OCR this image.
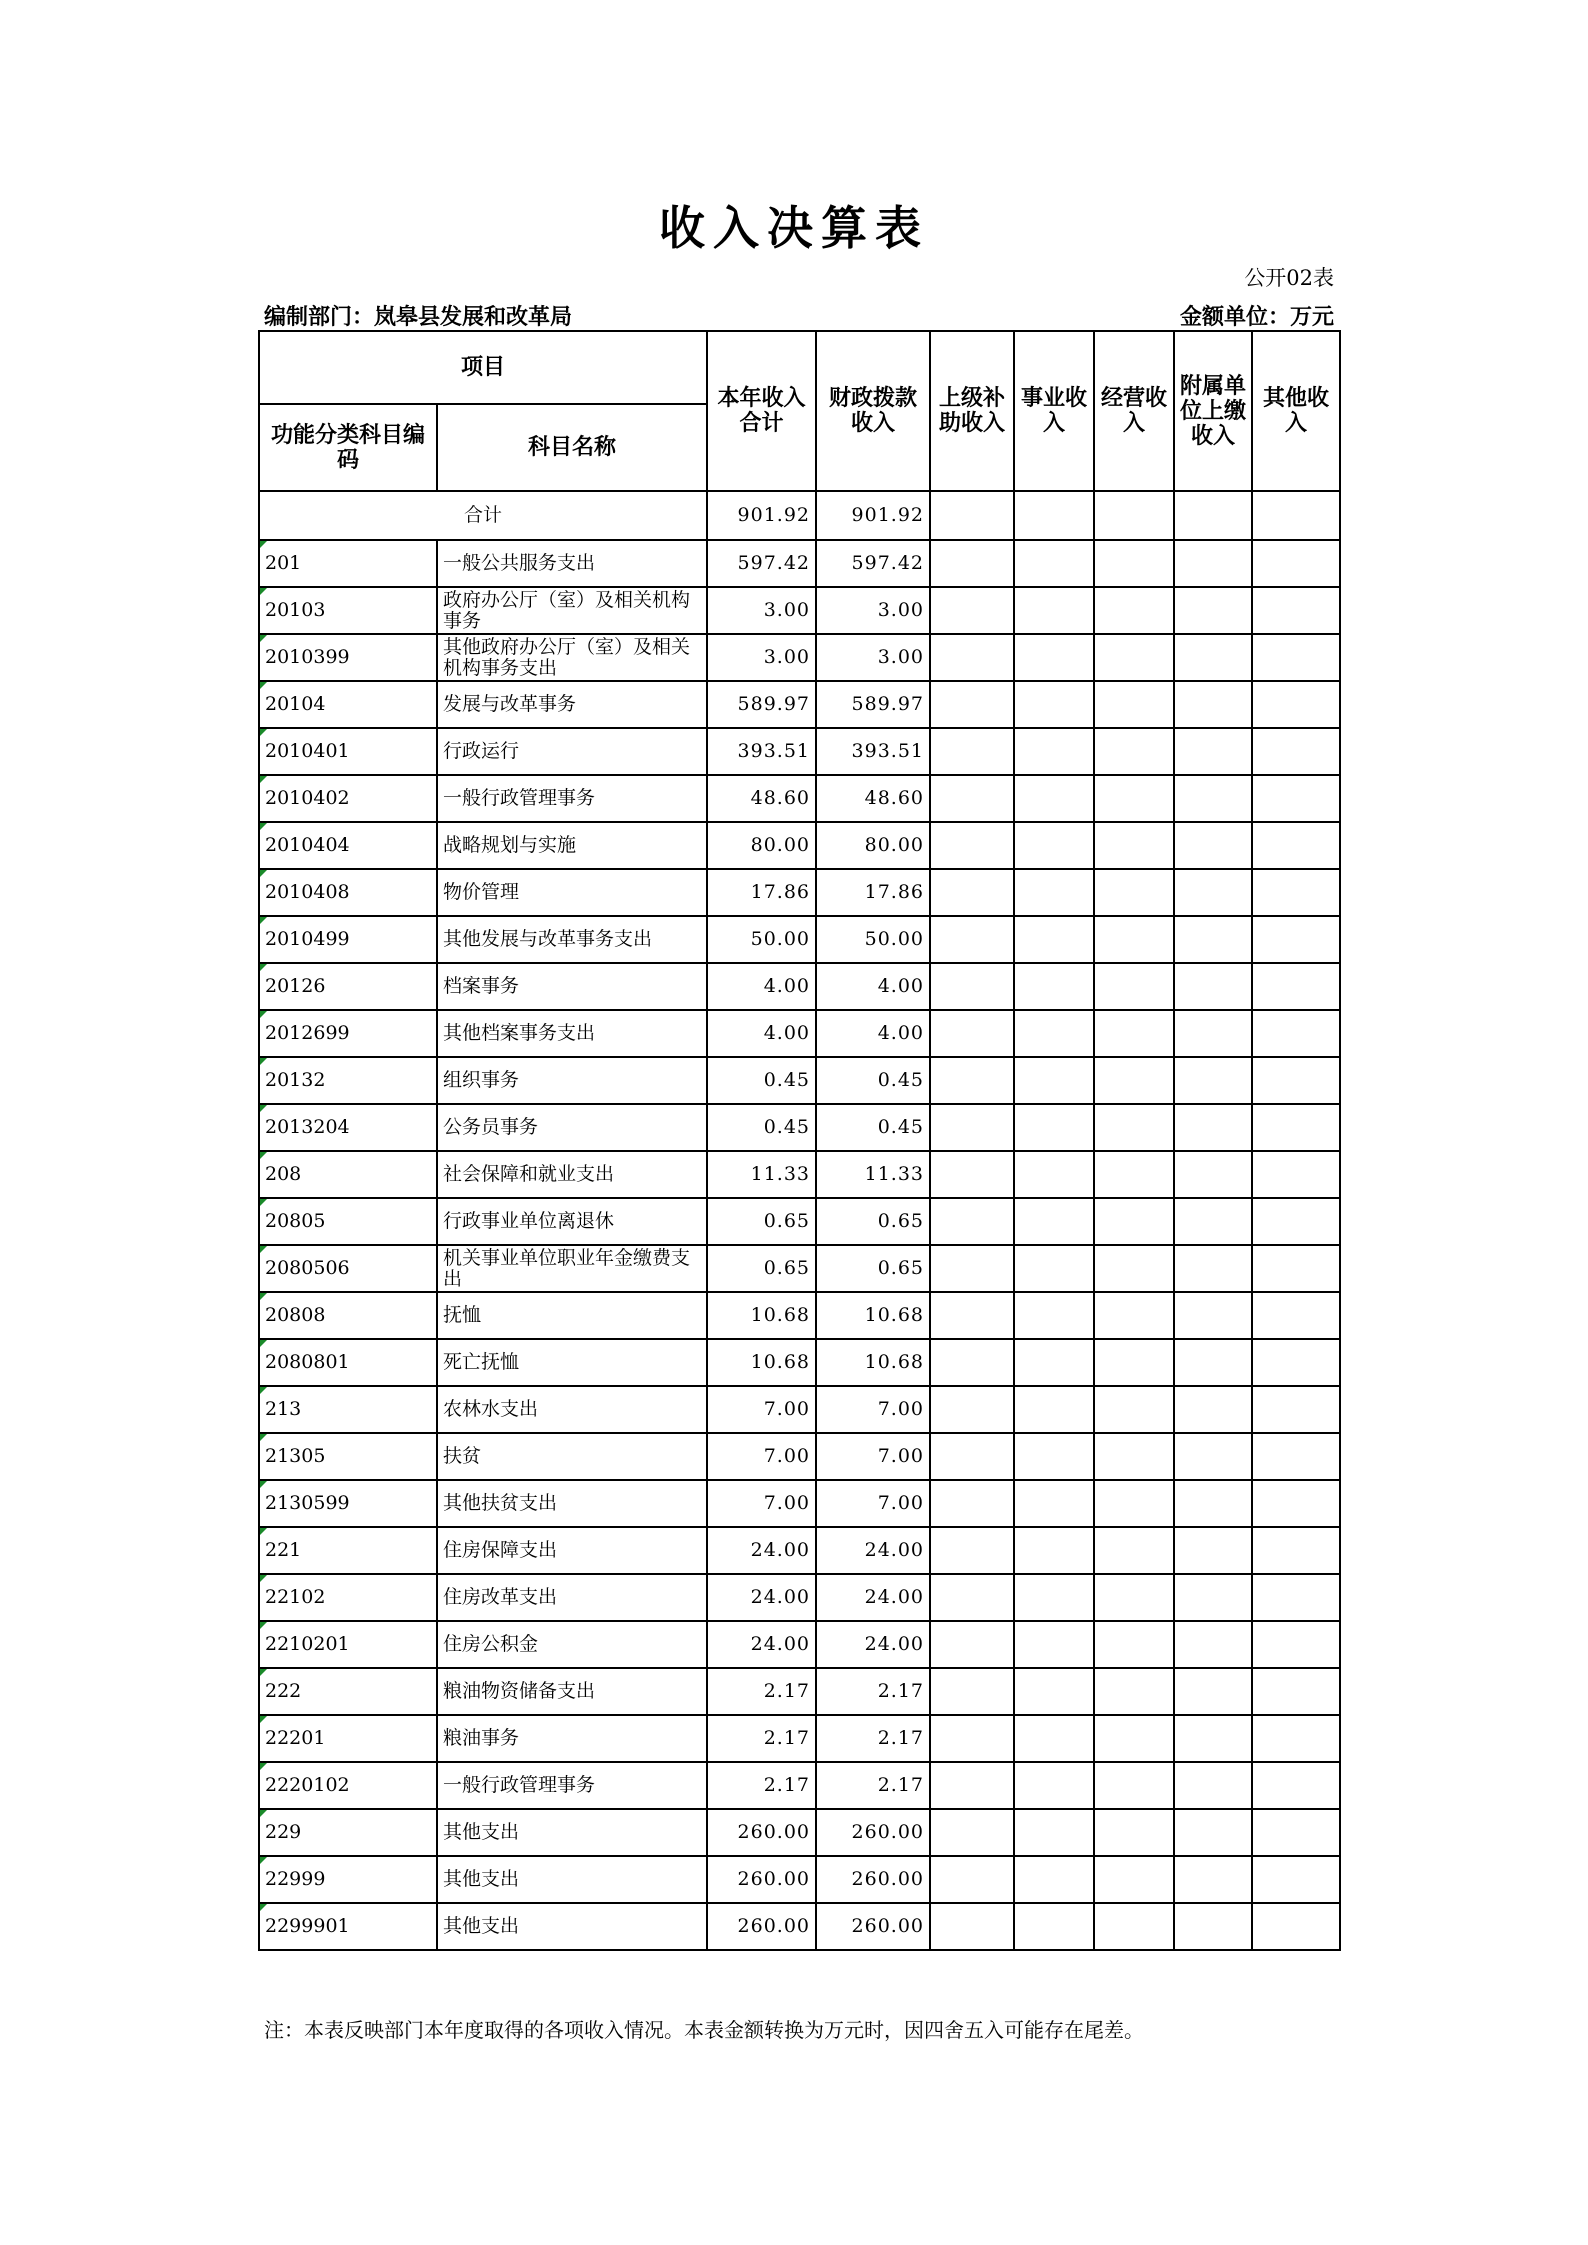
收入决算表
公开02表
编制部门：岚皋县发展和改革局	金额单位：万元
项目		本年收入合计	财政拨款收入	上级补助收入	事业收入	经营收入	附属单位上缴收入	其他收入
功能分类科目编码	科目名称							
合计		901.92	901.92					
201	一般公共服务支出	597.42	597.42					
20103	政府办公厅（室）及相关机构事务	3.00	3.00					
2010399	其他政府办公厅（室）及相关机构事务支出	3.00	3.00					
20104	发展与改革事务	589.97	589.97					
2010401	行政运行	393.51	393.51					
2010402	一般行政管理事务	48.60	48.60					
2010404	战略规划与实施	80.00	80.00					
2010408	物价管理	17.86	17.86					
2010499	其他发展与改革事务支出	50.00	50.00					
20126	档案事务	4.00	4.00					
2012699	其他档案事务支出	4.00	4.00					
20132	组织事务	0.45	0.45					
2013204	公务员事务	0.45	0.45					
208	社会保障和就业支出	11.33	11.33					
20805	行政事业单位离退休	0.65	0.65					
2080506	机关事业单位职业年金缴费支出	0.65	0.65					
20808	抚恤	10.68	10.68					
2080801	死亡抚恤	10.68	10.68					
213	农林水支出	7.00	7.00					
21305	扶贫	7.00	7.00					
2130599	其他扶贫支出	7.00	7.00					
221	住房保障支出	24.00	24.00					
22102	住房改革支出	24.00	24.00					
2210201	住房公积金	24.00	24.00					
222	粮油物资储备支出	2.17	2.17					
22201	粮油事务	2.17	2.17					
2220102	一般行政管理事务	2.17	2.17					
229	其他支出	260.00	260.00					
22999	其他支出	260.00	260.00					
2299901	其他支出	260.00	260.00					
注：本表反映部门本年度取得的各项收入情况。本表金额转换为万元时，因四舍五入可能存在尾差。
